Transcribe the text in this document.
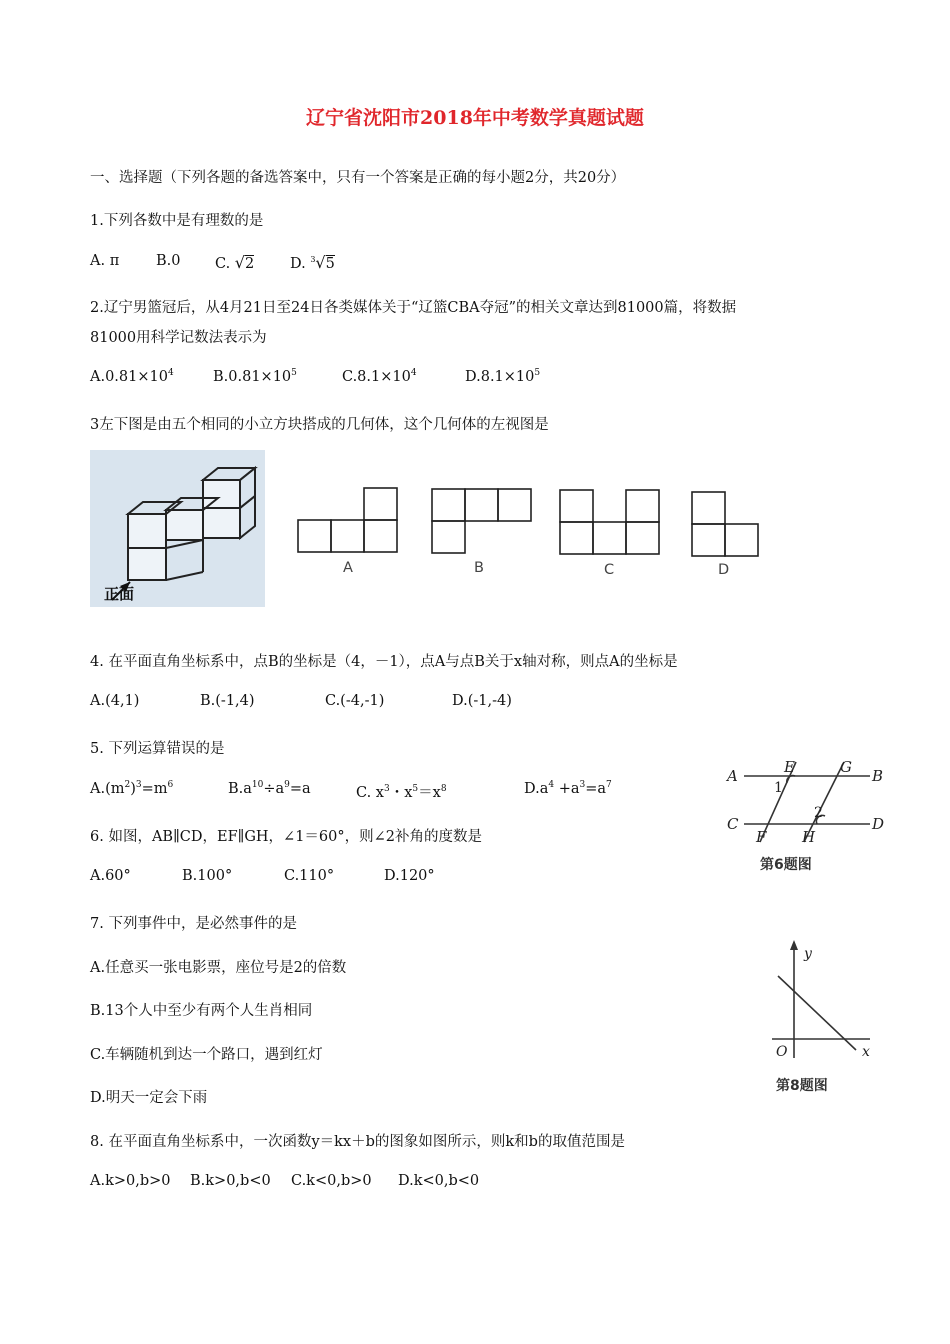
辽宁省沈阳市2018年中考数学真题试题
一、选择题（下列各题的备选答案中，只有一个答案是正确的每小题2分，共20分）
1.下列各数中是有理数的是
A. π	B.0 C. √2 D. $^3$√5
2.辽宁男篮冠后，从4月21日至24日各类媒体关于“辽篮CBA夺冠”的相关文章达到81000篇，将数据
81000用科学记数法表示为
$A.0.81\times 10^4$	$B.0.81\times 10^5$	$C.8.1\times 10^4$	$D.8.1\times 10^5$
3左下图是由五个相同的小立方块搭成的几何体，这个几何体的左视图是
正面
A	B	C	D
4. 在平面直角坐标系中，点B的坐标是（4，－1），点A与点B关于x轴对称，则点A的坐标是
A.(4,1)	B.(-1,4)	C.(-4,-1)	D.(-1,-4)
5. 下列运算错误的是
$A.(m^2)^3=m^6$	$B.a^{10}\div a^9=a$	C. $x^3$・$x^5=x^8$	$D.a^4 +a^3=a^7$	A	B
C	D
E	G
F H
1
2
第6题图
6. 如图，AB∥CD，EF∥GH，∠1＝60°，则∠2补角的度数是
A.60°	B.100°	C.110°	D.120°
7. 下列事件中，是必然事件的是
A.任意买一张电影票，座位号是2的倍数
B.13个人中至少有两个人生肖相同
C.车辆随机到达一个路口，遇到红灯
D.明天一定会下雨
y
x
O
第8题图
8. 在平面直角坐标系中，一次函数y＝kx＋b的图象如图所示，则k和b的取值范围是
A.k>0,b>0 B.k>0,b<0 C.k<0,b>0 D.k<0,b<0
